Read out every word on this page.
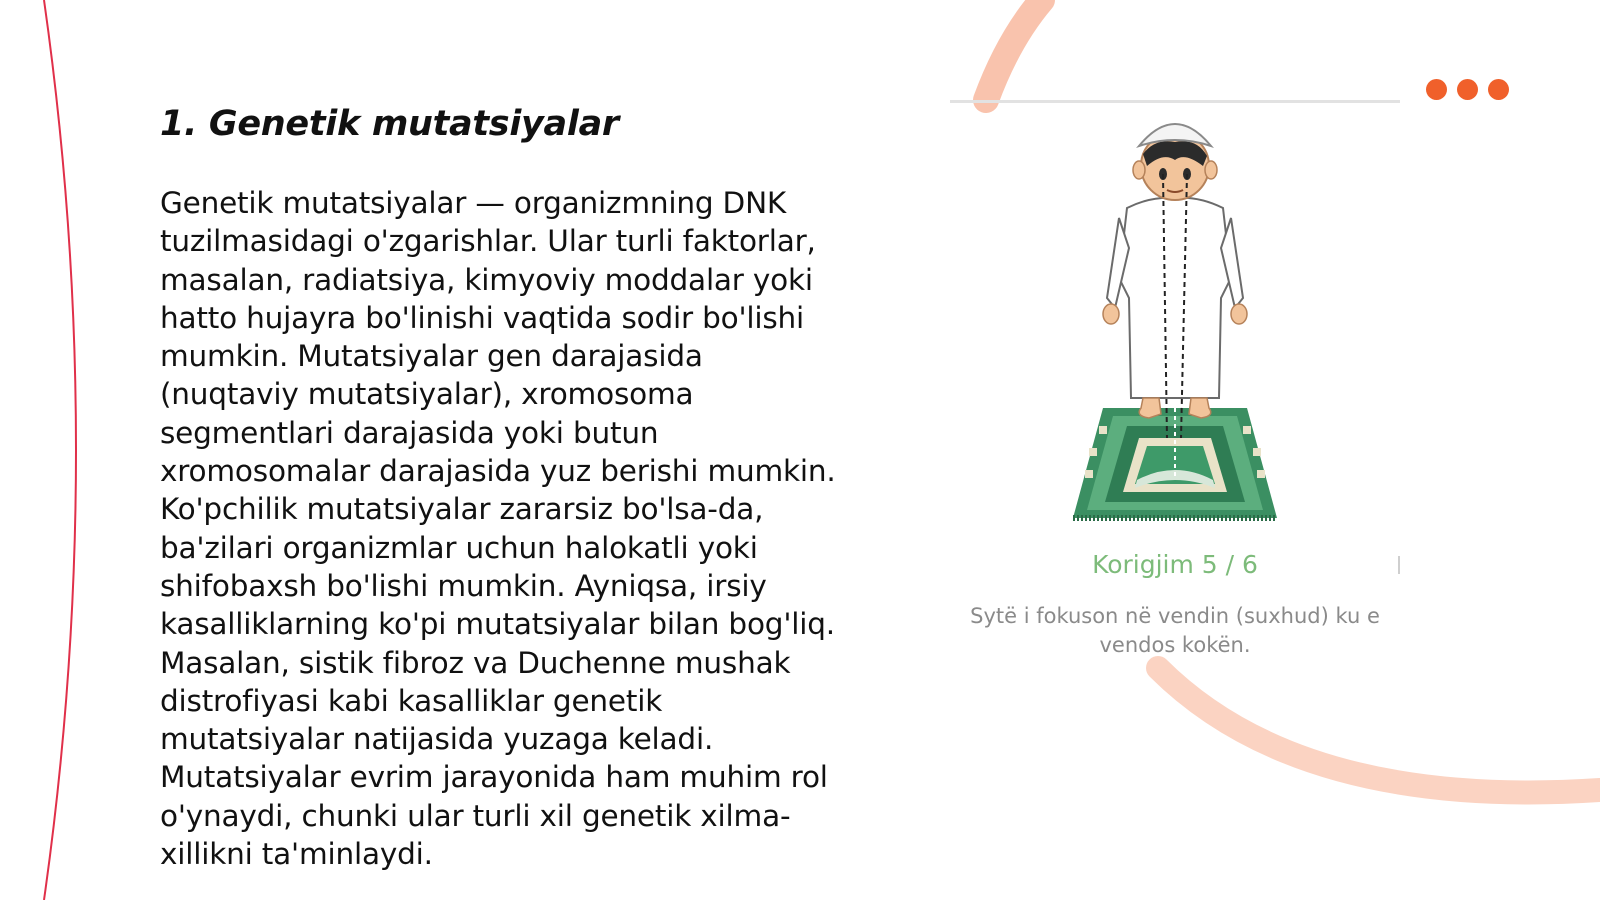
1. Genetik mutatsiyalar

Genetik mutatsiyalar — organizmning DNK tuzilmasidagi o'zgarishlar. Ular turli faktorlar, masalan, radiatsiya, kimyoviy moddalar yoki hatto hujayra bo'linishi vaqtida sodir bo'lishi mumkin. Mutatsiyalar gen darajasida (nuqtaviy mutatsiyalar), xromosoma segmentlari darajasida yoki butun xromosomalar darajasida yuz berishi mumkin. Ko'pchilik mutatsiyalar zararsiz bo'lsa-da, ba'zilari organizmlar uchun halokatli yoki shifobaxsh bo'lishi mumkin. Ayniqsa, irsiy kasalliklarning ko'pi mutatsiyalar bilan bog'liq. Masalan, sistik fibroz va Duchenne mushak distrofiyasi kabi kasalliklar genetik mutatsiyalar natijasida yuzaga keladi. Mutatsiyalar evrim jarayonida ham muhim rol o'ynaydi, chunki ular turli xil genetik xilma-xillikni ta'minlaydi.

Korigjim 5 / 6
Sytë i fokuson në vendin (suxhud) ku e vendos kokën.
